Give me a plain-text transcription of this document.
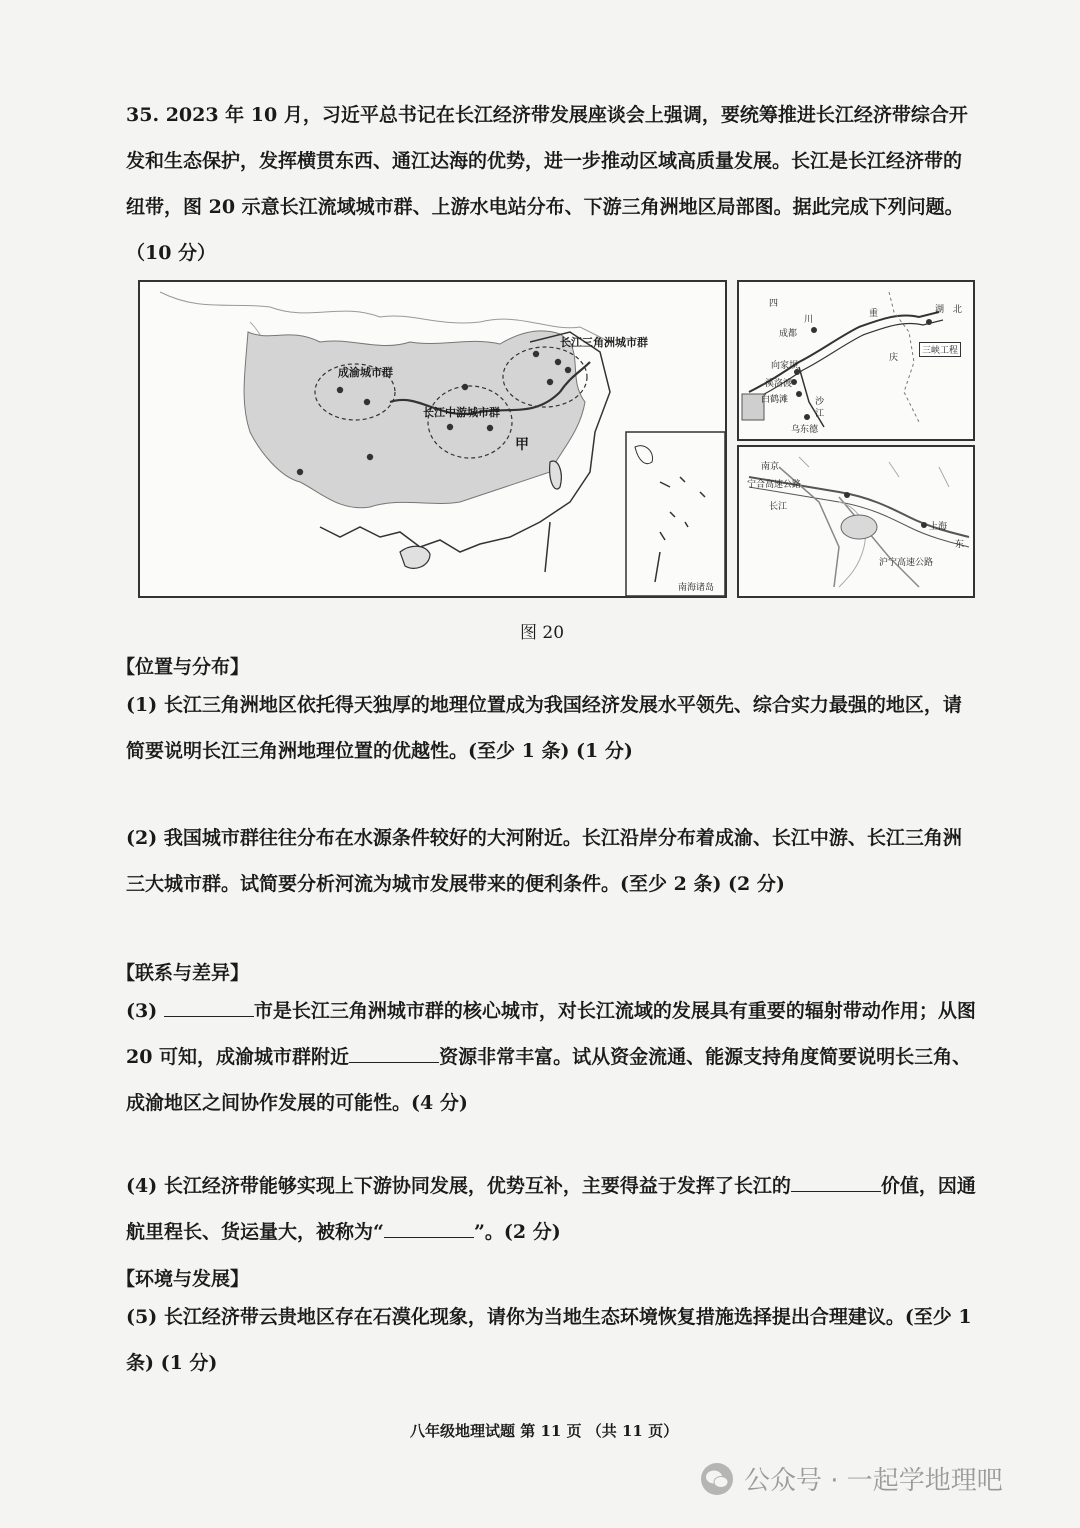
35. 2023 年 10 月，习近平总书记在长江经济带发展座谈会上强调，要统筹推进长江经济带综合开发和生态保护，发挥横贯东西、通江达海的优势，进一步推动区域高质量发展。长江是长江经济带的纽带，图 20 示意长江流域城市群、上游水电站分布、下游三角洲地区局部图。据此完成下列问题。
（10 分）

成渝城市群
长江中游城市群
长江三角洲城市群
甲
南海诸岛
四
川
成都
向家坝
溪洛渡
白鹤滩
乌东德
重
庆
湖 北
沙
江
三峡工程
南京
宁合高速公路
长江
上海
东
沪宁高速公路
图 20
【位置与分布】

(1) 长江三角洲地区依托得天独厚的地理位置成为我国经济发展水平领先、综合实力最强的地区，请简要说明长江三角洲地理位置的优越性。(至少 1 条) (1 分)

(2) 我国城市群往往分布在水源条件较好的大河附近。长江沿岸分布着成渝、长江中游、长江三角洲三大城市群。试简要分析河流为城市发展带来的便利条件。(至少 2 条) (2 分)

【联系与差异】

(3)	市是长江三角洲城市群的核心城市，对长江流域的发展具有重要的辐射带动作用；从图 20 可知，成渝城市群附近	资源非常丰富。试从资金流通、能源支持角度简要说明长三角、成渝地区之间协作发展的可能性。(4 分)

(4) 长江经济带能够实现上下游协同发展，优势互补，主要得益于发挥了长江的	价值，因通航里程长、货运量大，被称为“	”。(2 分)

【环境与发展】

(5) 长江经济带云贵地区存在石漠化现象，请你为当地生态环境恢复措施选择提出合理建议。(至少 1 条) (1 分)

八年级地理试题 第 11 页 （共 11 页）
公众号 · 一起学地理吧
